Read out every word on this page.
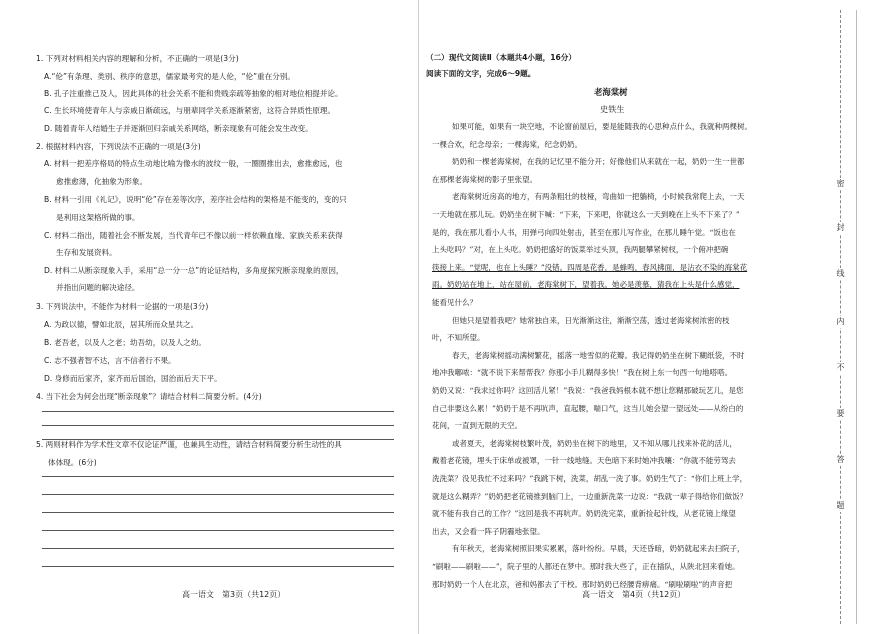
1. 下列对材料相关内容的理解和分析，不正确的一项是(3分)
A.“伦”有条理、类别、秩序的意思，儒家最考究的是人伦，“伦”重在分别。
B. 孔子注重推己及人，因此具体的社会关系不能和贵贱亲疏等抽象的相对地位相提并论。
C. 生长环境使青年人与亲戚日渐疏远，与朋辈同学关系逐渐紧密，这符合异质性原理。
D. 随着青年人结婚生子并逐渐回归亲戚关系网络，断亲现象有可能会发生改变。
2. 根据材料内容，下列说法不正确的一项是(3分)
A. 材料一把差序格局的特点生动地比喻为像水的波纹一般，一圈圈推出去，愈推愈远，也
愈推愈薄，化抽象为形象。
B. 材料一引用《礼记》，说明“伦”存在差等次序，差序社会结构的架格是不能变的，变的只
是利用这架格所做的事。
C. 材料二指出，随着社会不断发展，当代青年已不像以前一样依赖血缘、家族关系来获得
生存和发展资料。
D. 材料二从断亲现象入手，采用“总一分一总”的论证结构，多角度探究断亲现象的原因，
并指出问题的解决途径。
3. 下列说法中，不能作为材料一论据的一项是(3分)
A. 为政以德，譬如北辰，居其所而众星共之。
B. 老吾老，以及人之老；幼吾幼，以及人之幼。
C. 志不强者智不达，言不信者行不果。
D. 身修而后家齐，家齐而后国治，国治而后天下平。
4. 当下社会为何会出现“断亲现象”？请结合材料二简要分析。(4分)
5. 两则材料作为学术性文章不仅论证严谨，也兼具生动性，请结合材料简要分析生动性的具
体体现。(6分)
高一语文　第3页（共12页）
（二）现代文阅读Ⅱ（本题共4小题，16分）
阅读下面的文字，完成6～9题。
老海棠树
史铁生
如果可能，如果有一块空地，不论窗前屋后，要是能随我的心思种点什么，我就种两棵树。
一棵合欢，纪念母亲；一棵海棠，纪念奶奶。
奶奶和一棵老海棠树，在我的记忆里不能分开；好像他们从来就在一起，奶奶一生一世都
在那棵老海棠树的影子里张望。
老海棠树近房高的地方，有两条粗壮的枝桠，弯曲如一把躺椅，小时候我常爬上去，一天
一天地就在那儿玩。奶奶坐在树下喊：“下来，下来吧，你就这么一天到晚在上头不下来了？”
是的，我在那儿看小人书，用弹弓向四处射击，甚至在那儿写作业，在那儿睡午觉。“饭也在
上头吃吗？”对，在上头吃。奶奶把盛好的饭菜举过头顶，我两腿攀紧树杈，一个俯冲把碗
筷接上来。“觉呢，也在上头睡？”没错。四周是花香，是蜂鸣，春风拂面，是沾衣不染的海棠花
雨。奶奶站在地上，站在屋前，老海棠树下，望着我。她必是羡慕，猜我在上头是什么感觉，
能看见什么？
但她只是望着我吧？她常独自来，日光渐渐这往，渐渐空荡，透过老海棠树浓密的枝
叶，不知所望。
春天，老海棠树摇动满树繁花，摇落一地雪似的花瓣。我记得奶奶坐在树下糊纸袋，不时
地冲我嘟哝：“就不说下来帮帮我？你那小手儿糊得多快！”我在树上东一句西一句地嗒嗒。
奶奶又说：“我求过你吗？这回活儿紧！”我说：“我爸我妈根本就不想让您糊那破玩艺儿，是您
自己非要这么累！”奶奶于是不再吭声，直起腰，喘口气，这当儿她会望一望远处——从纷白的
花间，一直到无限的天空。
或者夏天，老海棠树枝繁叶茂，奶奶坐在树下的地里，又不知从哪儿找来补花的活儿，
戴着老花镜，埋头于床单或被罩，一针一线地缝。天色暗下来时她冲我嚷：“你就不能劳驾去
洗洗菜？没见我忙不过来吗？”我跳下树，洗菜，胡乱一洗了事。奶奶生气了：“你们上班上学，
就是这么糊弄？”奶奶把老花镜推到脑门上，一边重新洗菜一边说：“我就一辈子得给你们做饭？
就不能有我自己的工作？”这回是我不再吭声。奶奶洗完菜，重新捡起针线，从老花镜上缘望
出去，又会看一阵子阴霾地张望。
有年秋天，老海棠树照旧果实累累，落叶纷纷。早晨，天还昏暗，奶奶就起来去扫院子，
“刷啦——刷啦——”，院子里的人都还在梦中。那时我大些了，正在插队，从陕北回来看她。
那时奶奶一个人在北京，爸和妈都去了干校。那时奶奶已经腰背痹痛。“刷啦刷啦”的声音把
高一语文　第4页（共12页）
密
封
线
内
不
要
答
题
